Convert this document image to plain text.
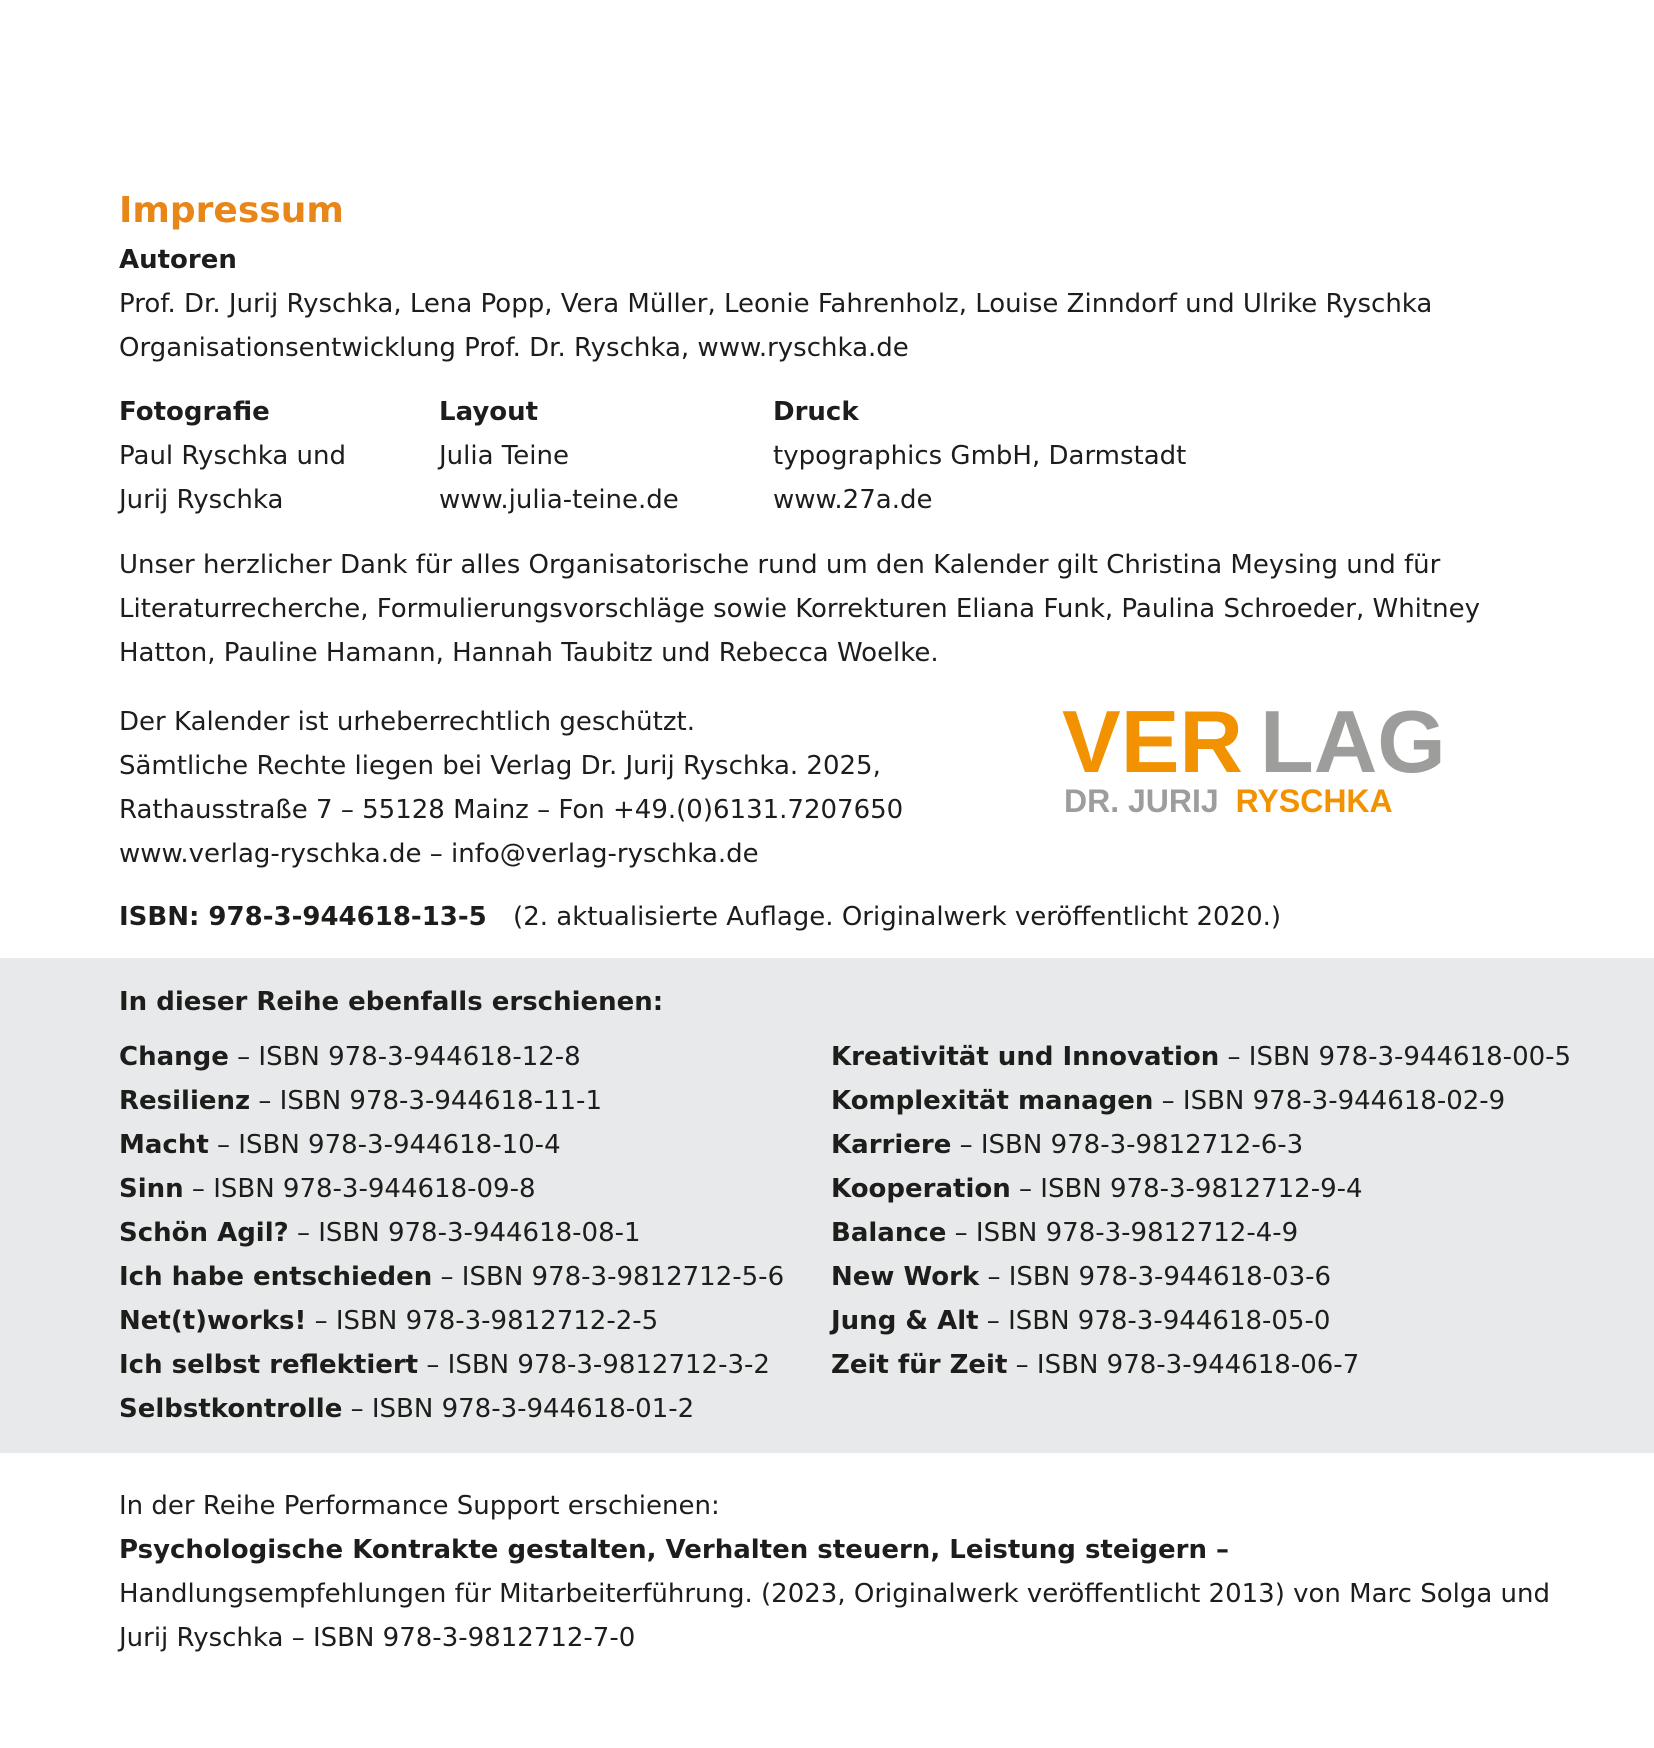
Impressum
Autoren
Prof. Dr. Jurij Ryschka, Lena Popp, Vera Müller, Leonie Fahrenholz, Louise Zinndorf und Ulrike Ryschka
Organisationsentwicklung Prof. Dr. Ryschka, www.ryschka.de
Fotografie
Paul Ryschka und
Jurij Ryschka
Layout
Julia Teine
www.julia-teine.de
Druck
typographics GmbH, Darmstadt
www.27a.de
Unser herzlicher Dank für alles Organisatorische rund um den Kalender gilt Christina Meysing und für Literaturrecherche, Formulierungsvorschläge sowie Korrekturen Eliana Funk, Paulina Schroeder, Whitney Hatton, Pauline Hamann, Hannah Taubitz und Rebecca Woelke.
Der Kalender ist urheberrechtlich geschützt.
Sämtliche Rechte liegen bei Verlag Dr. Jurij Ryschka. 2025,
Rathausstraße 7 – 55128 Mainz – Fon +49.(0)6131.7207650
www.verlag-ryschka.de – info@verlag-ryschka.de
VER LAG
DR. JURIJ RYSCHKA
ISBN: 978-3-944618-13-5 (2. aktualisierte Auflage. Originalwerk veröffentlicht 2020.)
In dieser Reihe ebenfalls erschienen:
Change – ISBN 978-3-944618-12-8
Resilienz – ISBN 978-3-944618-11-1
Macht – ISBN 978-3-944618-10-4
Sinn – ISBN 978-3-944618-09-8
Schön Agil? – ISBN 978-3-944618-08-1
Ich habe entschieden – ISBN 978-3-9812712-5-6
Net(t)works! – ISBN 978-3-9812712-2-5
Ich selbst reflektiert – ISBN 978-3-9812712-3-2
Selbstkontrolle – ISBN 978-3-944618-01-2
Kreativität und Innovation – ISBN 978-3-944618-00-5
Komplexität managen – ISBN 978-3-944618-02-9
Karriere – ISBN 978-3-9812712-6-3
Kooperation – ISBN 978-3-9812712-9-4
Balance – ISBN 978-3-9812712-4-9
New Work – ISBN 978-3-944618-03-6
Jung & Alt – ISBN 978-3-944618-05-0
Zeit für Zeit – ISBN 978-3-944618-06-7
In der Reihe Performance Support erschienen:
Psychologische Kontrakte gestalten, Verhalten steuern, Leistung steigern – Handlungsempfehlungen für Mitarbeiterführung. (2023, Originalwerk veröffentlicht 2013) von Marc Solga und Jurij Ryschka – ISBN 978-3-9812712-7-0
